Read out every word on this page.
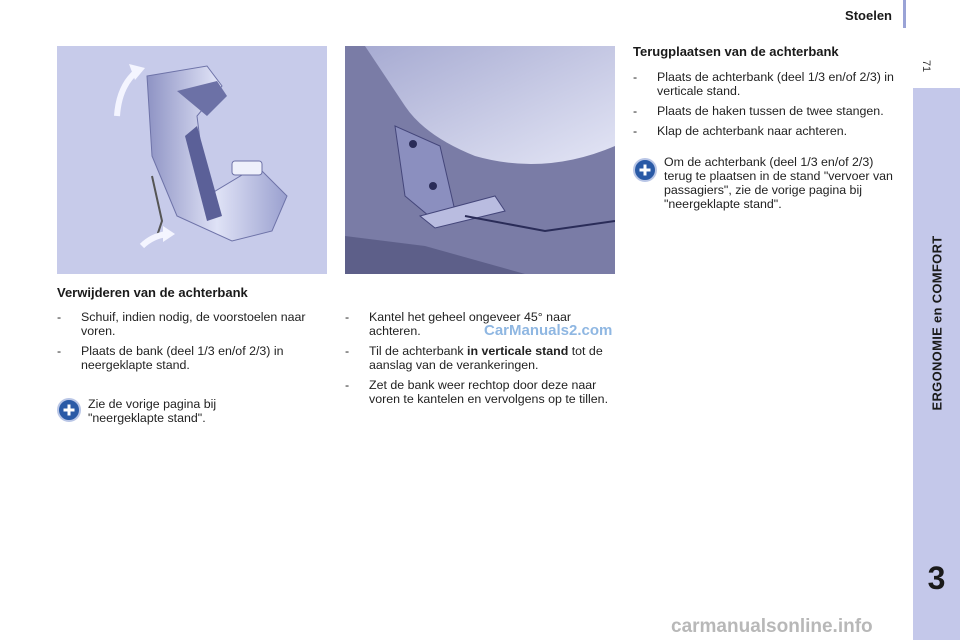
Stoelen
71
ERGONOMIE en COMFORT
3
Verwijderen van de achterbank
- Schuif, indien nodig, de voorstoelen naar voren.
- Plaats de bank (deel 1/3 en/of 2/3) in neergeklapte stand.
Zie de vorige pagina bij "neergeklapte stand".
- Kantel het geheel ongeveer 45° naar achteren.
- Til de achterbank in verticale stand tot de aanslag van de verankeringen.
- Zet de bank weer rechtop door deze naar voren te kantelen en vervolgens op te tillen.
Terugplaatsen van de achterbank
- Plaats de achterbank (deel 1/3 en/of 2/3) in verticale stand.
- Plaats de haken tussen de twee stangen.
- Klap de achterbank naar achteren.
Om de achterbank (deel 1/3 en/of 2/3) terug te plaatsen in de stand "vervoer van passagiers", zie de vorige pagina bij "neergeklapte stand".
CarManuals2.com
carmanualsonline.info
